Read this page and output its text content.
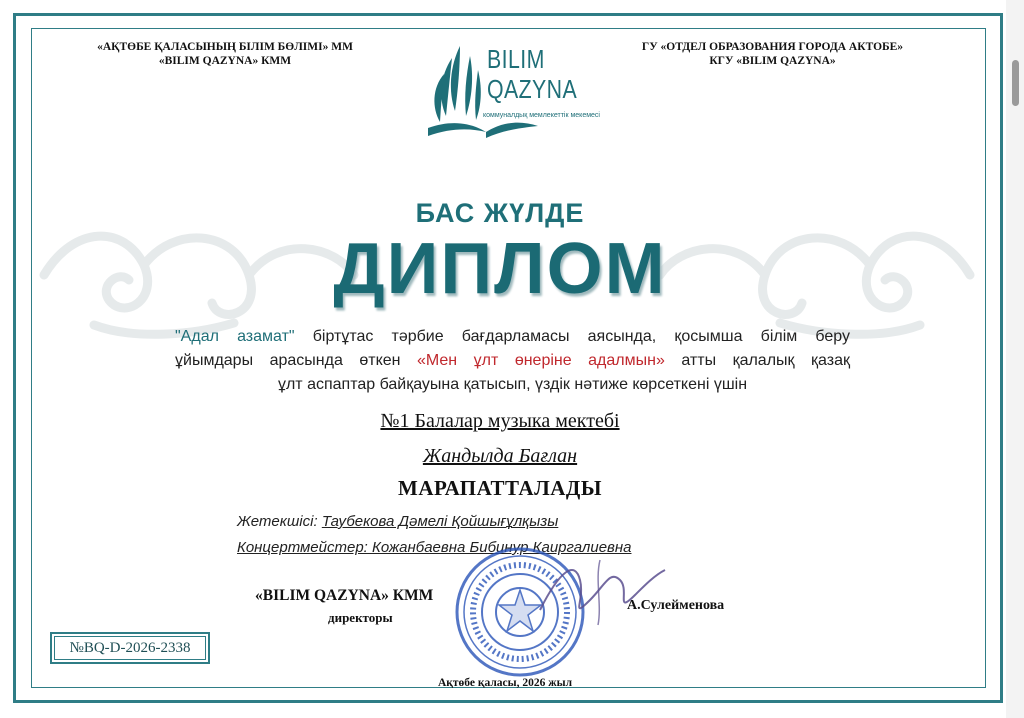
«АҚТӨБЕ ҚАЛАСЫНЫҢ БІЛІМ БӨЛІМІ» ММ
«BILIM QAZYNA» КММ
ГУ «ОТДЕЛ ОБРАЗОВАНИЯ ГОРОДА АКТОБЕ»
КГУ «BILIM QAZYNA»
BILIM
QAZYNA
коммуналдық мемлекеттік мекемесі
БАС ЖҮЛДЕ
ДИПЛОМ
"Адал азамат" біртұтас тәрбие бағдарламасы аясында, қосымша білім беру
ұйымдары арасында өткен «Мен ұлт өнеріне адалмын» атты қалалық қазақ
ұлт аспаптар байқауына қатысып, үздік нәтиже көрсеткені үшін
№1 Балалар музыка мектебі
Жандылда Бағлан
МАРАПАТТАЛАДЫ
Жетекшісі: Таубекова Дәмелі Қойшығұлқызы
Концертмейстер: Кожанбаевна Бибинур Каиргалиевна
«BILIM QAZYNA» КММ
директоры
А.Сулейменова
№BQ-D-2026-2338
Ақтөбе қаласы, 2026 жыл
